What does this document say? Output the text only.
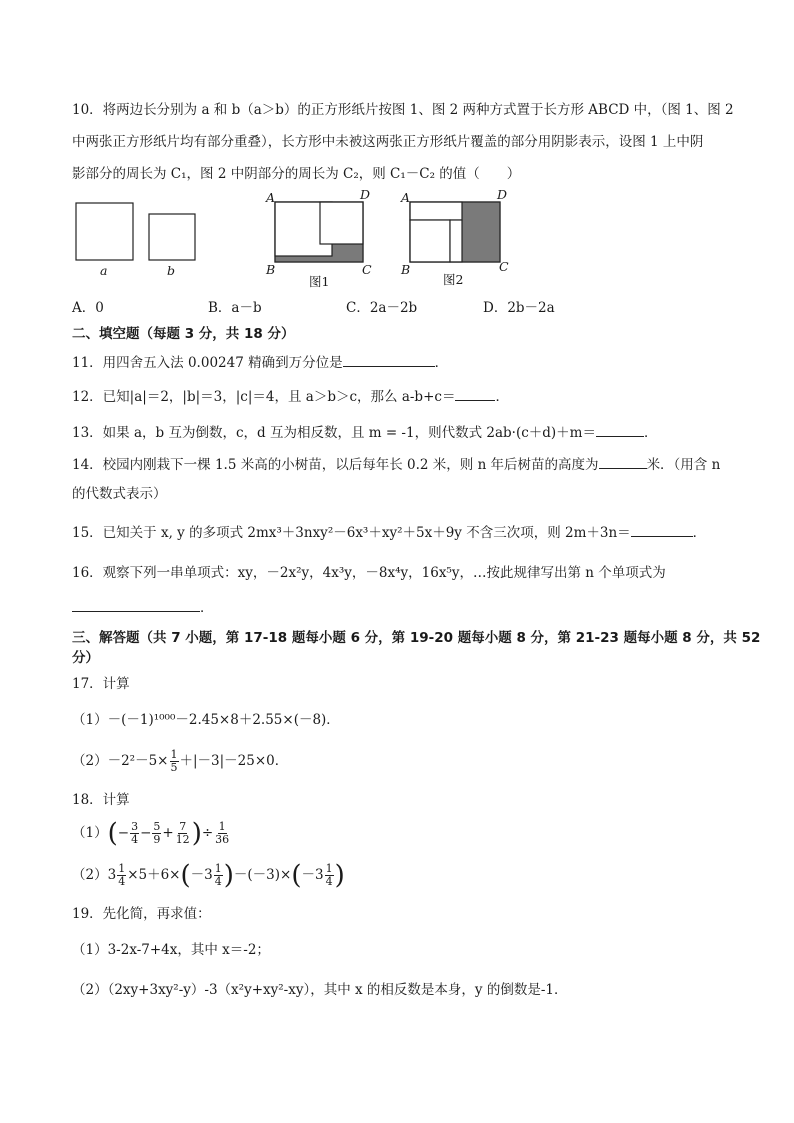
10．将两边长分别为 a 和 b（a＞b）的正方形纸片按图 1、图 2 两种方式置于长方形 ABCD 中，（图 1、图 2
中两张正方形纸片均有部分重叠），长方形中未被这两张正方形纸片覆盖的部分用阴影表示，设图 1 上中阴
影部分的周长为 C₁，图 2 中阴部分的周长为 C₂，则 C₁－C₂ 的值（　　）
a	b
A	D
B	C
图1
A	D
B	C
图2
A．0	B．a－b	C．2a－2b	D．2b－2a
二、填空题（每题 3 分，共 18 分）
11．用四舍五入法 0.00247 精确到万分位是	．
12．已知|a|＝2，|b|＝3，|c|＝4，且 a＞b＞c，那么 a-b+c＝	．
13．如果 a，b 互为倒数，c，d 互为相反数，且 m = -1，则代数式 2ab·(c＋d)＋m＝	．
14．校园内刚栽下一棵 1.5 米高的小树苗，以后每年长 0.2 米，则 n 年后树苗的高度为	米．（用含 n
的代数式表示）
15．已知关于 x, y 的多项式 2mx³＋3nxy²－6x³＋xy²＋5x＋9y 不含三次项，则 2m＋3n＝	．
16．观察下列一串单项式：xy，－2x²y，4x³y，－8x⁴y，16x⁵y，…按此规律写出第 n 个单项式为
．
三、解答题（共 7 小题，第 17-18 题每小题 6 分，第 19-20 题每小题 8 分，第 21-23 题每小题 8 分，共 52
分）
17．计算
（1）－(－1)¹⁰⁰⁰－2.45×8＋2.55×(－8)．
$(2)-2^2-5\times \frac{1}{5} +|-3|-25\times 0$．
18．计算
$(1)(- \frac{3}{4} - \frac{5}{9} + \frac{7}{12}$ )÷ $\frac{1}{36}$
$(2)3 \frac{1}{4} \times 5+6\times(-3 \frac{1}{4} )-(-3)\times(-3 \frac{1}{4}$ )
19．先化简，再求值：
（1）3-2x-7+4x，其中 x＝-2；
（2）（2xy+3xy²-y）-3（x²y+xy²-xy），其中 x 的相反数是本身，y 的倒数是-1．
